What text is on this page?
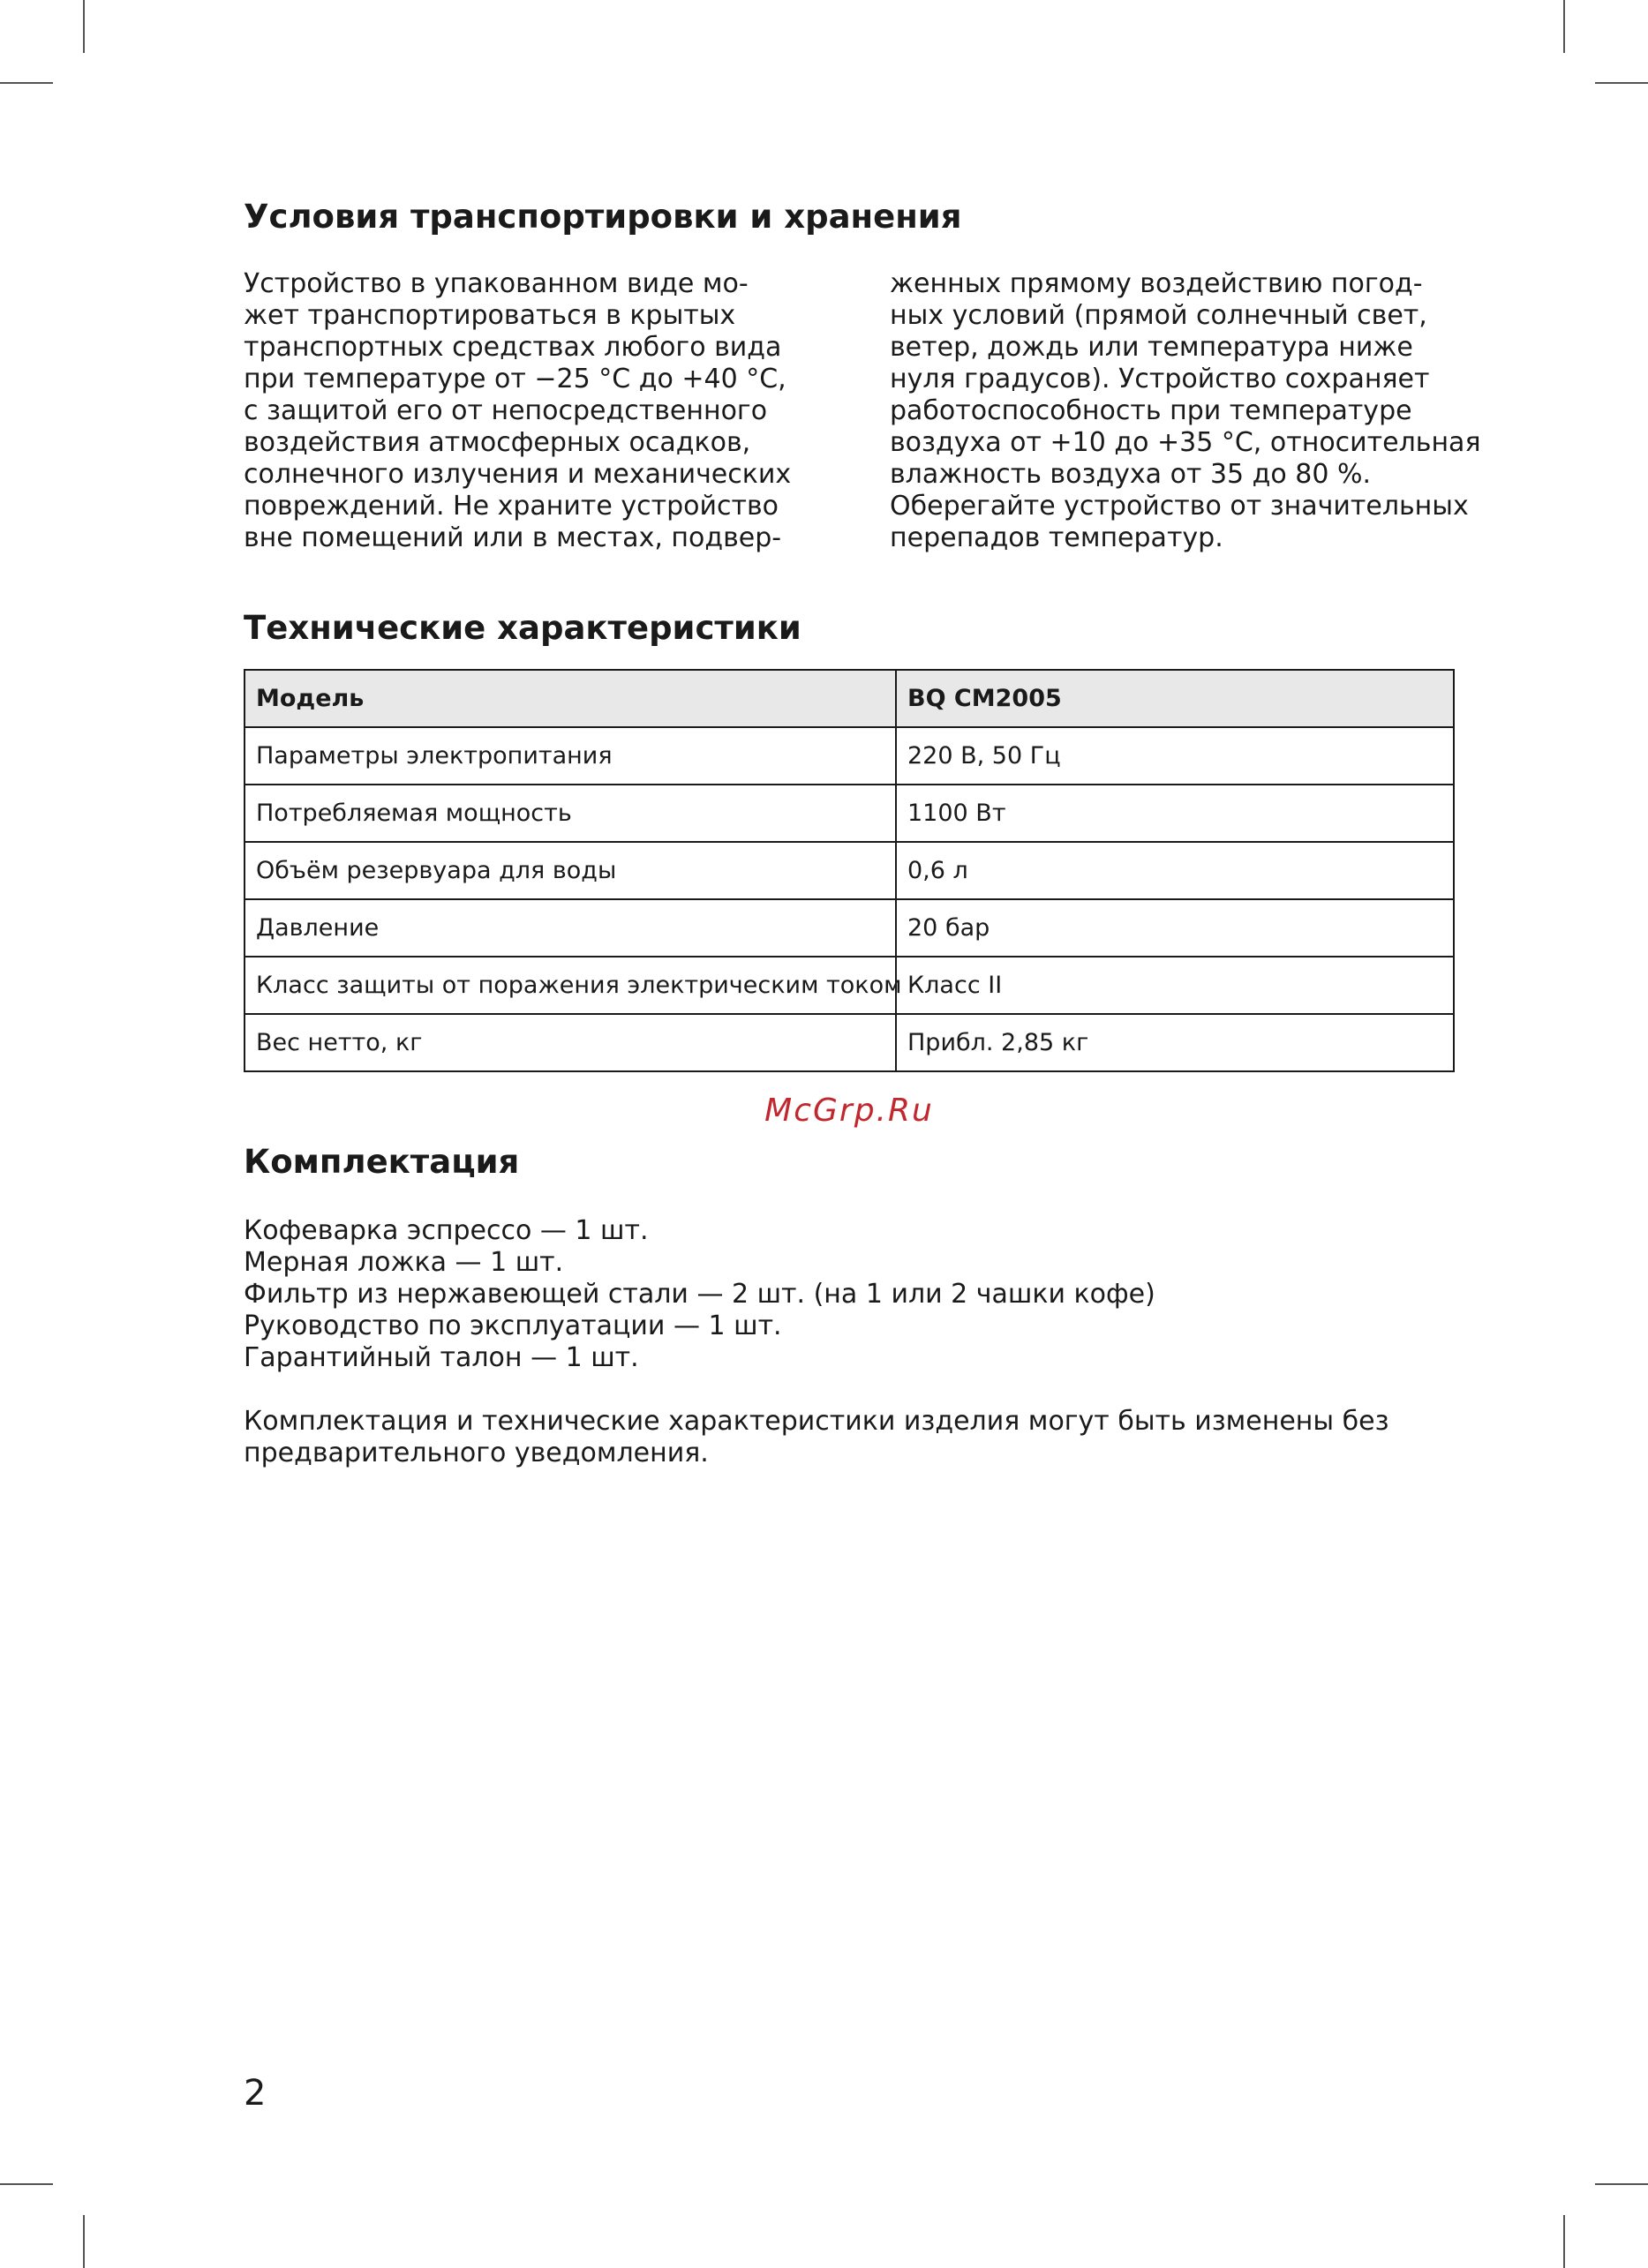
Условия транспортировки и хранения

Устройство в упакованном виде мо-
жет транспортироваться в крытых
транспортных средствах любого вида
при температуре от −25 °С до +40 °С,
с защитой его от непосредственного
воздействия атмосферных осадков,
солнечного излучения и механических
повреждений. Не храните устройство
вне помещений или в местах, подвер-

женных прямому воздействию погод-
ных условий (прямой солнечный свет,
ветер, дождь или температура ниже
нуля градусов). Устройство сохраняет
работоспособность при температуре
воздуха от +10 до +35 °С, относительная
влажность воздуха от 35 до 80 %.
Оберегайте устройство от значительных
перепадов температур.

Технические характеристики
Модель	BQ CM2005
Параметры электропитания	220 В, 50 Гц
Потребляемая мощность	1100 Вт
Объём резервуара для воды	0,6 л
Давление	20 бар
Класс защиты от поражения электрическим током	Класс II
Вес нетто, кг	Прибл. 2,85 кг
McGrp.Ru
Комплектация
Кофеварка эспрессо — 1 шт.
Мерная ложка — 1 шт.
Фильтр из нержавеющей стали — 2 шт. (на 1 или 2 чашки кофе)
Руководство по эксплуатации — 1 шт.
Гарантийный талон — 1 шт.

Комплектация и технические характеристики изделия могут быть изменены без
предварительного уведомления.

2
